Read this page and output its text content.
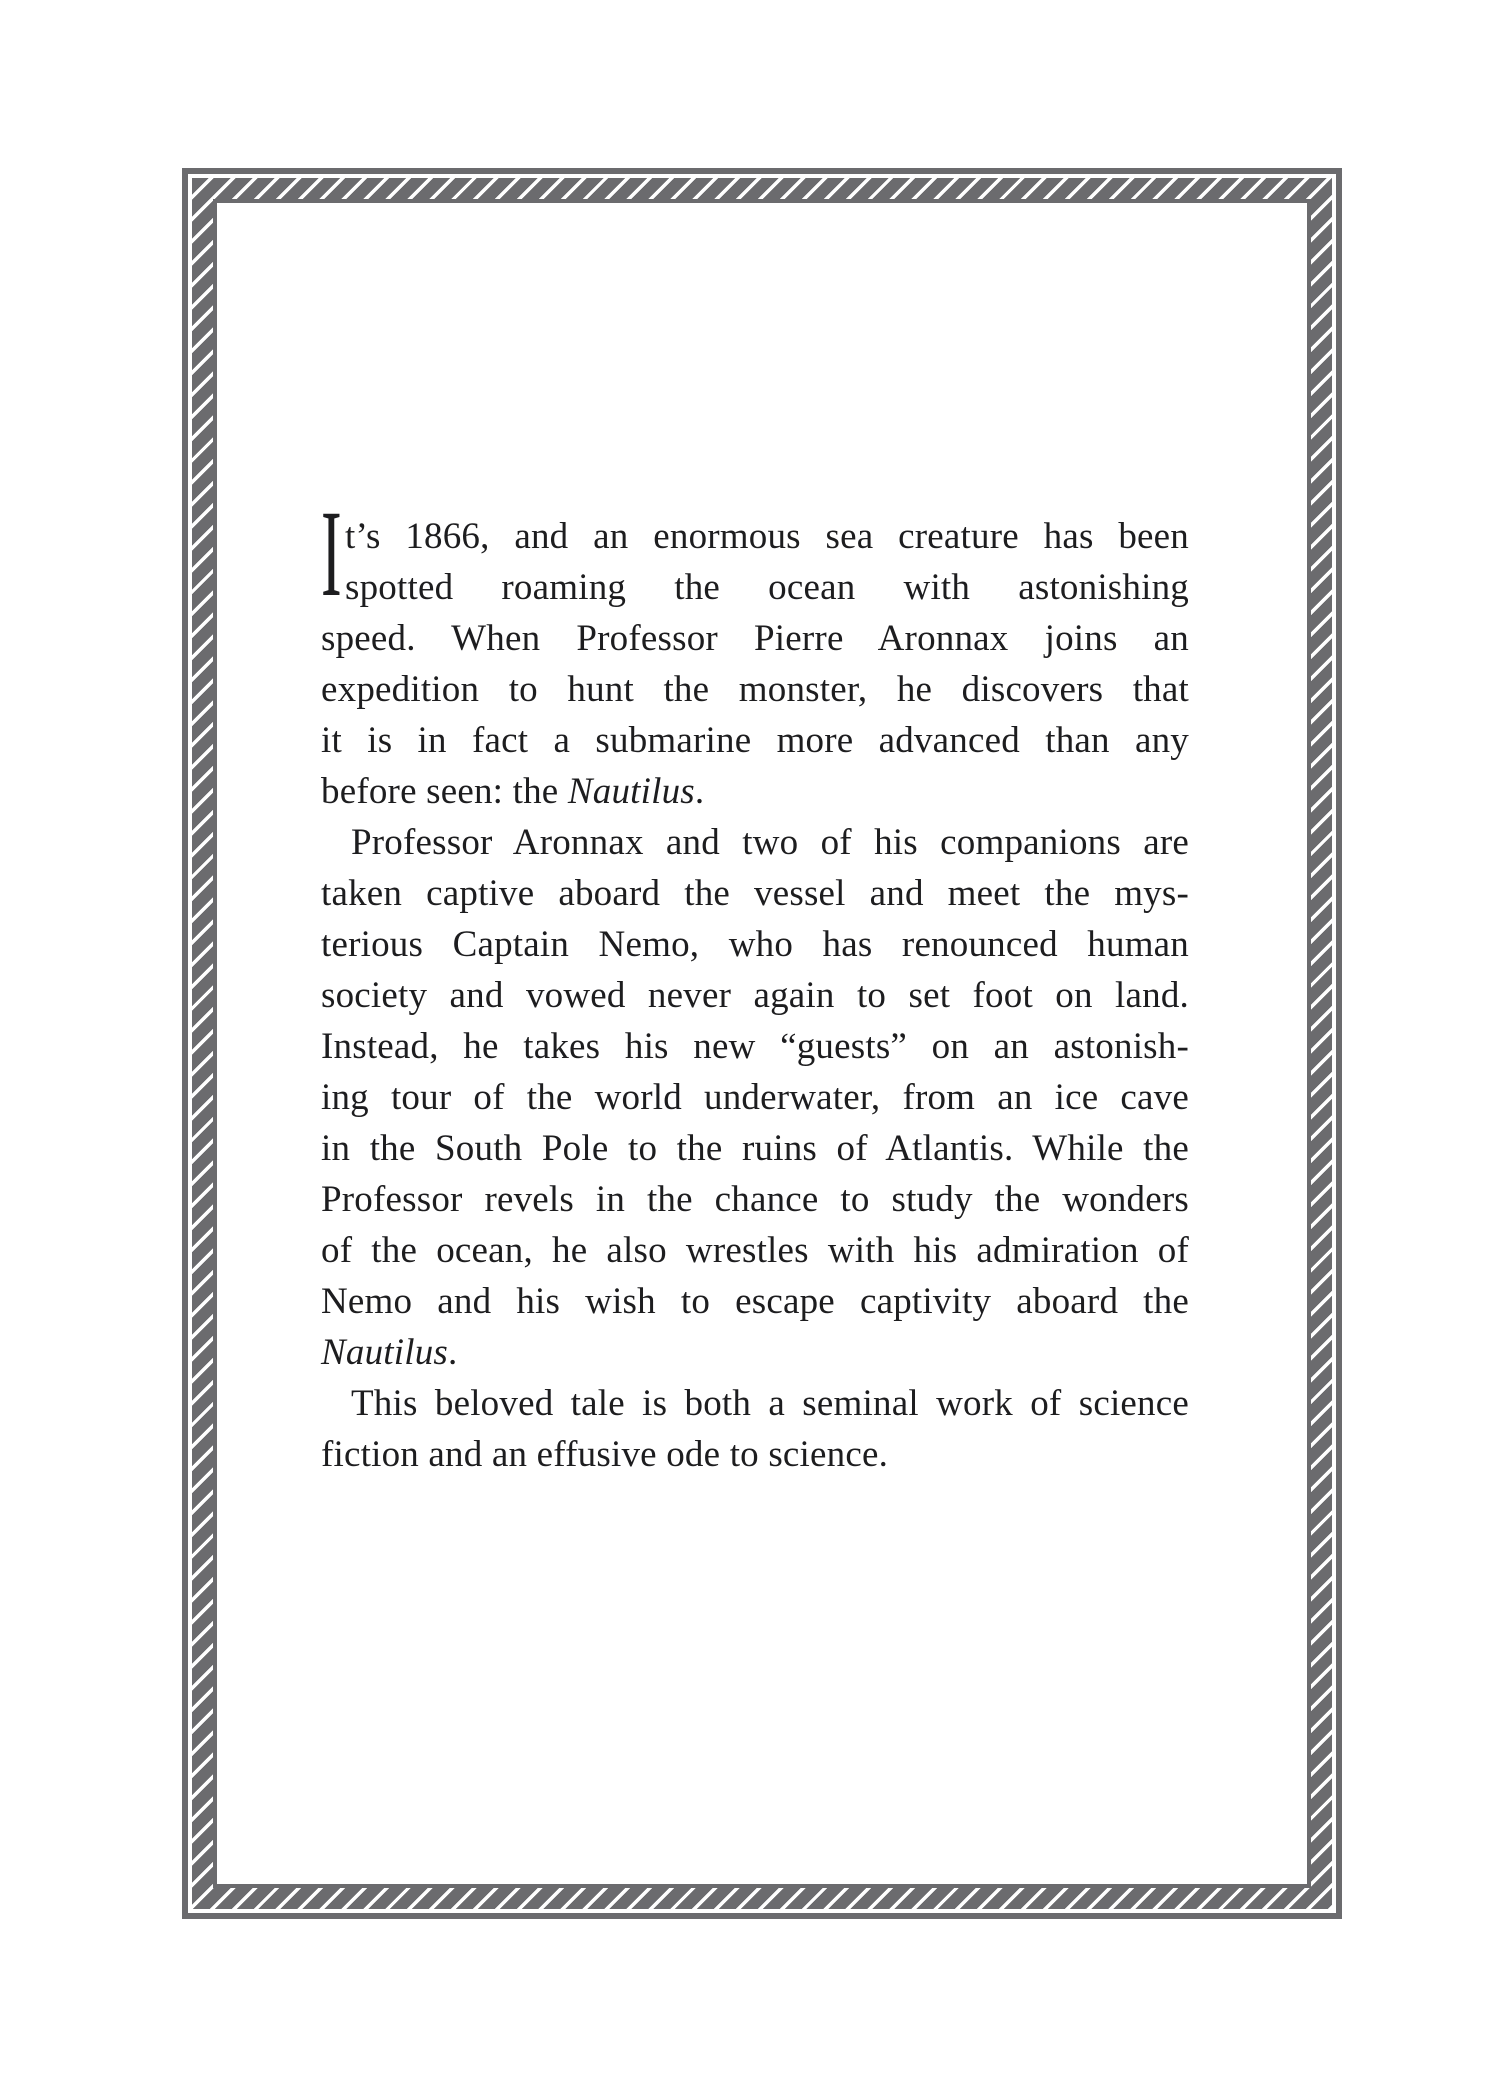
It’s 1866, and an enormous sea creature has been
spotted roaming the ocean with astonishing
speed. When Professor Pierre Aronnax joins an
expedition to hunt the monster, he discovers that
it is in fact a submarine more advanced than any
before seen: the Nautilus.
Professor Aronnax and two of his companions are
taken captive aboard the vessel and meet the mys-
terious Captain Nemo, who has renounced human
society and vowed never again to set foot on land.
Instead, he takes his new “guests” on an astonish-
ing tour of the world underwater, from an ice cave
in the South Pole to the ruins of Atlantis. While the
Professor revels in the chance to study the wonders
of the ocean, he also wrestles with his admiration of
Nemo and his wish to escape captivity aboard the
Nautilus.
This beloved tale is both a seminal work of science
fiction and an effusive ode to science.
